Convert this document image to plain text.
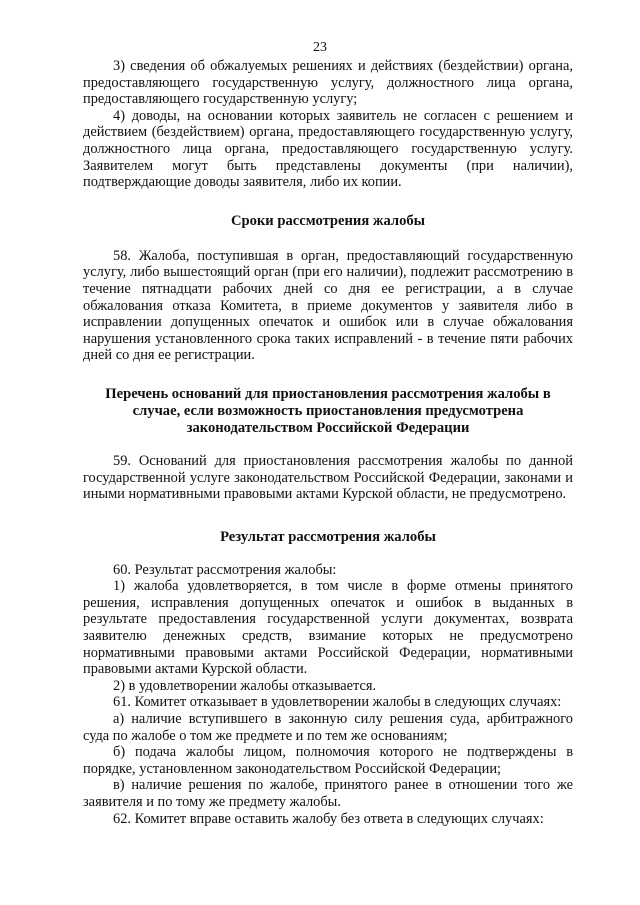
23

3) сведения об обжалуемых решениях и действиях (бездействии) органа, предоставляющего государственную услугу, должностного лица органа, предоставляющего государственную услугу;

4) доводы, на основании которых заявитель не согласен с решением и действием (бездействием) органа, предоставляющего государственную услугу, должностного лица органа, предоставляющего государственную услугу. Заявителем могут быть представлены документы (при наличии), подтверждающие доводы заявителя, либо их копии.

Сроки рассмотрения жалобы

58. Жалоба, поступившая в орган, предоставляющий государственную услугу, либо вышестоящий орган (при его наличии), подлежит рассмотрению в течение пятнадцати рабочих дней со дня ее регистрации, а в случае обжалования отказа Комитета, в приеме документов у заявителя либо в исправлении допущенных опечаток и ошибок или в случае обжалования нарушения установленного срока таких исправлений - в течение пяти рабочих дней со дня ее регистрации.

Перечень оснований для приостановления рассмотрения жалобы в случае, если возможность приостановления предусмотрена законодательством Российской Федерации

59. Оснований для приостановления рассмотрения жалобы по данной государственной услуге законодательством Российской Федерации, законами и иными нормативными правовыми актами Курской области, не предусмотрено.

Результат рассмотрения жалобы

60. Результат рассмотрения жалобы:

1) жалоба удовлетворяется, в том числе в форме отмены принятого решения, исправления допущенных опечаток и ошибок в выданных в результате предоставления государственной услуги документах, возврата заявителю денежных средств, взимание которых не предусмотрено нормативными правовыми актами Российской Федерации, нормативными правовыми актами Курской области.

2) в удовлетворении жалобы отказывается.

61. Комитет отказывает в удовлетворении жалобы в следующих случаях:

а) наличие вступившего в законную силу решения суда, арбитражного суда по жалобе о том же предмете и по тем же основаниям;

б) подача жалобы лицом, полномочия которого не подтверждены в порядке, установленном законодательством Российской Федерации;

в) наличие решения по жалобе, принятого ранее в отношении того же заявителя и по тому же предмету жалобы.

62. Комитет вправе оставить жалобу без ответа в следующих случаях:
